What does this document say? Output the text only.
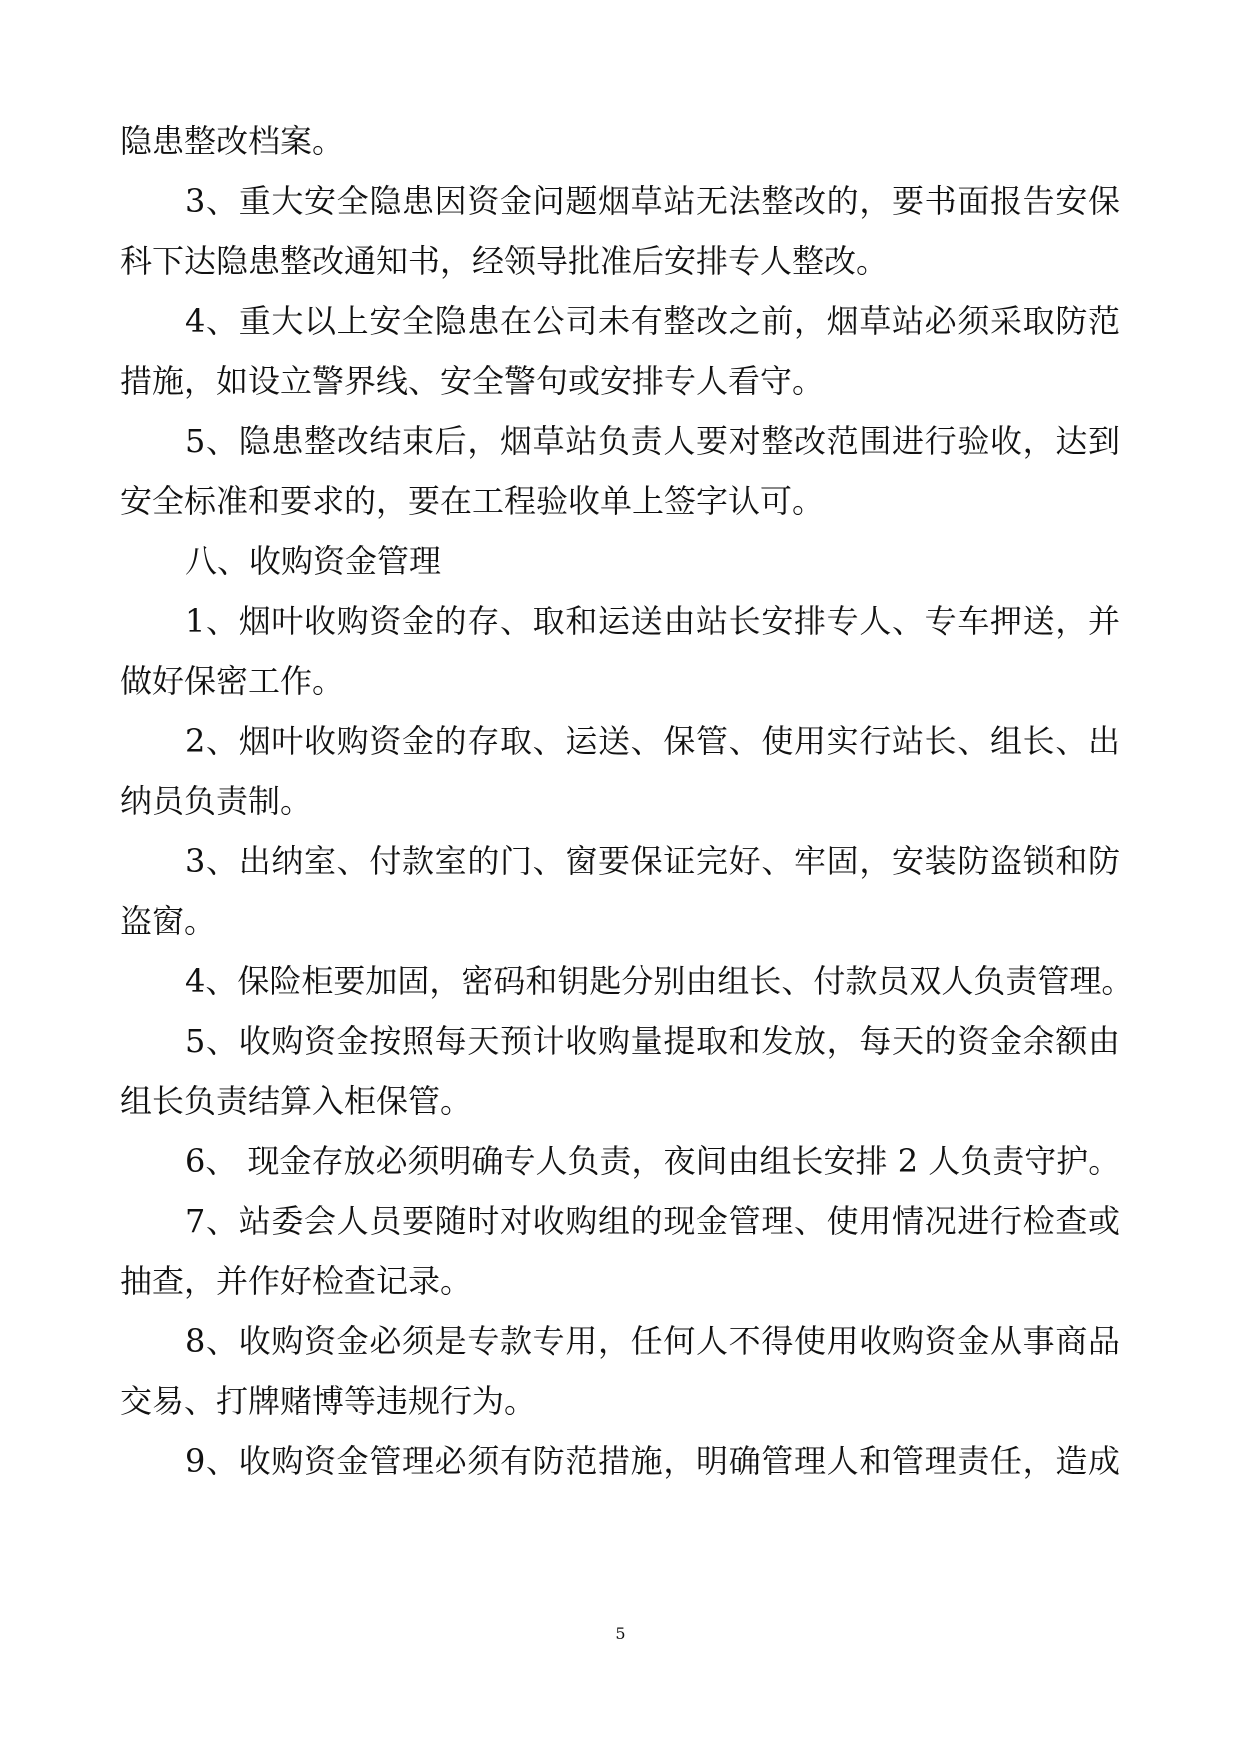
隐患整改档案。
3、重大安全隐患因资金问题烟草站无法整改的，要书面报告安保
科下达隐患整改通知书，经领导批准后安排专人整改。
4、重大以上安全隐患在公司未有整改之前，烟草站必须采取防范
措施，如设立警界线、安全警句或安排专人看守。
5、隐患整改结束后，烟草站负责人要对整改范围进行验收，达到
安全标准和要求的，要在工程验收单上签字认可。
八、收购资金管理
1、烟叶收购资金的存、取和运送由站长安排专人、专车押送，并
做好保密工作。
2、烟叶收购资金的存取、运送、保管、使用实行站长、组长、出
纳员负责制。
3、出纳室、付款室的门、窗要保证完好、牢固，安装防盗锁和防
盗窗。
4、保险柜要加固，密码和钥匙分别由组长、付款员双人负责管理。
5、收购资金按照每天预计收购量提取和发放，每天的资金余额由
组长负责结算入柜保管。
6、 现金存放必须明确专人负责，夜间由组长安排 2 人负责守护。
7、站委会人员要随时对收购组的现金管理、使用情况进行检查或
抽查，并作好检查记录。
8、收购资金必须是专款专用，任何人不得使用收购资金从事商品
交易、打牌赌博等违规行为。
9、收购资金管理必须有防范措施，明确管理人和管理责任，造成
5
